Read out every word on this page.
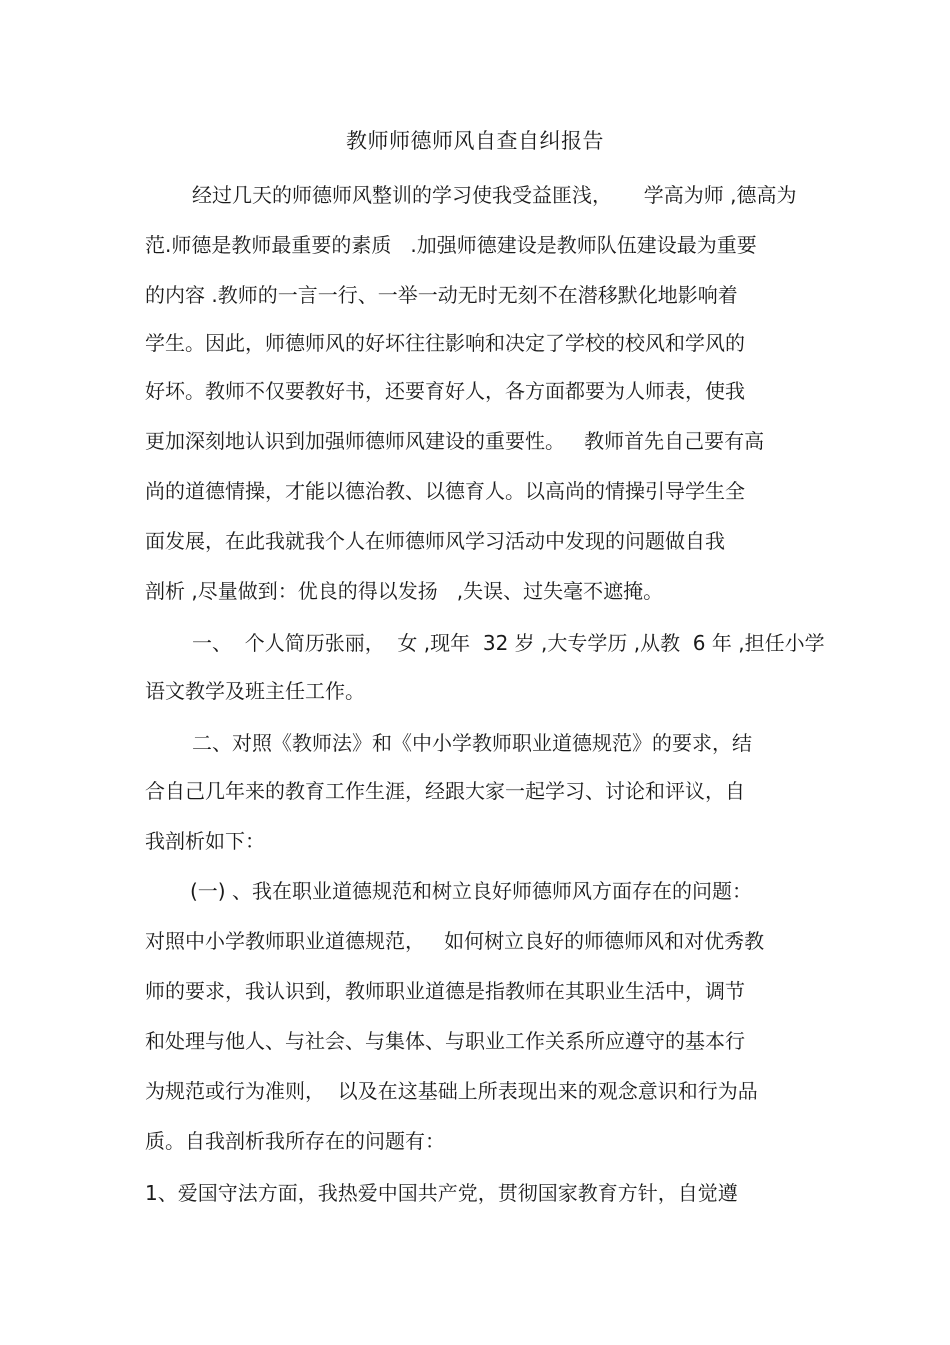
教师师德师风自查自纠报告
经过几天的师德师风整训的学习使我受益匪浅，     学高为师 ,德高为
范.师德是教师最重要的素质   .加强师德建设是教师队伍建设最为重要
的内容 .教师的一言一行、一举一动无时无刻不在潜移默化地影响着
学生。因此，师德师风的好坏往往影响和决定了学校的校风和学风的
好坏。教师不仅要教好书，还要育好人，各方面都要为人师表，使我
更加深刻地认识到加强师德师风建设的重要性。   教师首先自己要有高
尚的道德情操，才能以德治教、以德育人。以高尚的情操引导学生全
面发展，在此我就我个人在师德师风学习活动中发现的问题做自我
剖析 ,尽量做到：优良的得以发扬   ,失误、过失毫不遮掩。
一、  个人简历张丽，  女 ,现年  32 岁 ,大专学历 ,从教  6 年 ,担任小学
语文教学及班主任工作。
二、对照《教师法》和《中小学教师职业道德规范》的要求，结
合自己几年来的教育工作生涯，经跟大家一起学习、讨论和评议，自
我剖析如下：
(一) 、我在职业道德规范和树立良好师德师风方面存在的问题：
对照中小学教师职业道德规范，   如何树立良好的师德师风和对优秀教
师的要求，我认识到，教师职业道德是指教师在其职业生活中，调节
和处理与他人、与社会、与集体、与职业工作关系所应遵守的基本行
为规范或行为准则，  以及在这基础上所表现出来的观念意识和行为品
质。自我剖析我所存在的问题有：
1、爱国守法方面，我热爱中国共产党，贯彻国家教育方针，自觉遵
